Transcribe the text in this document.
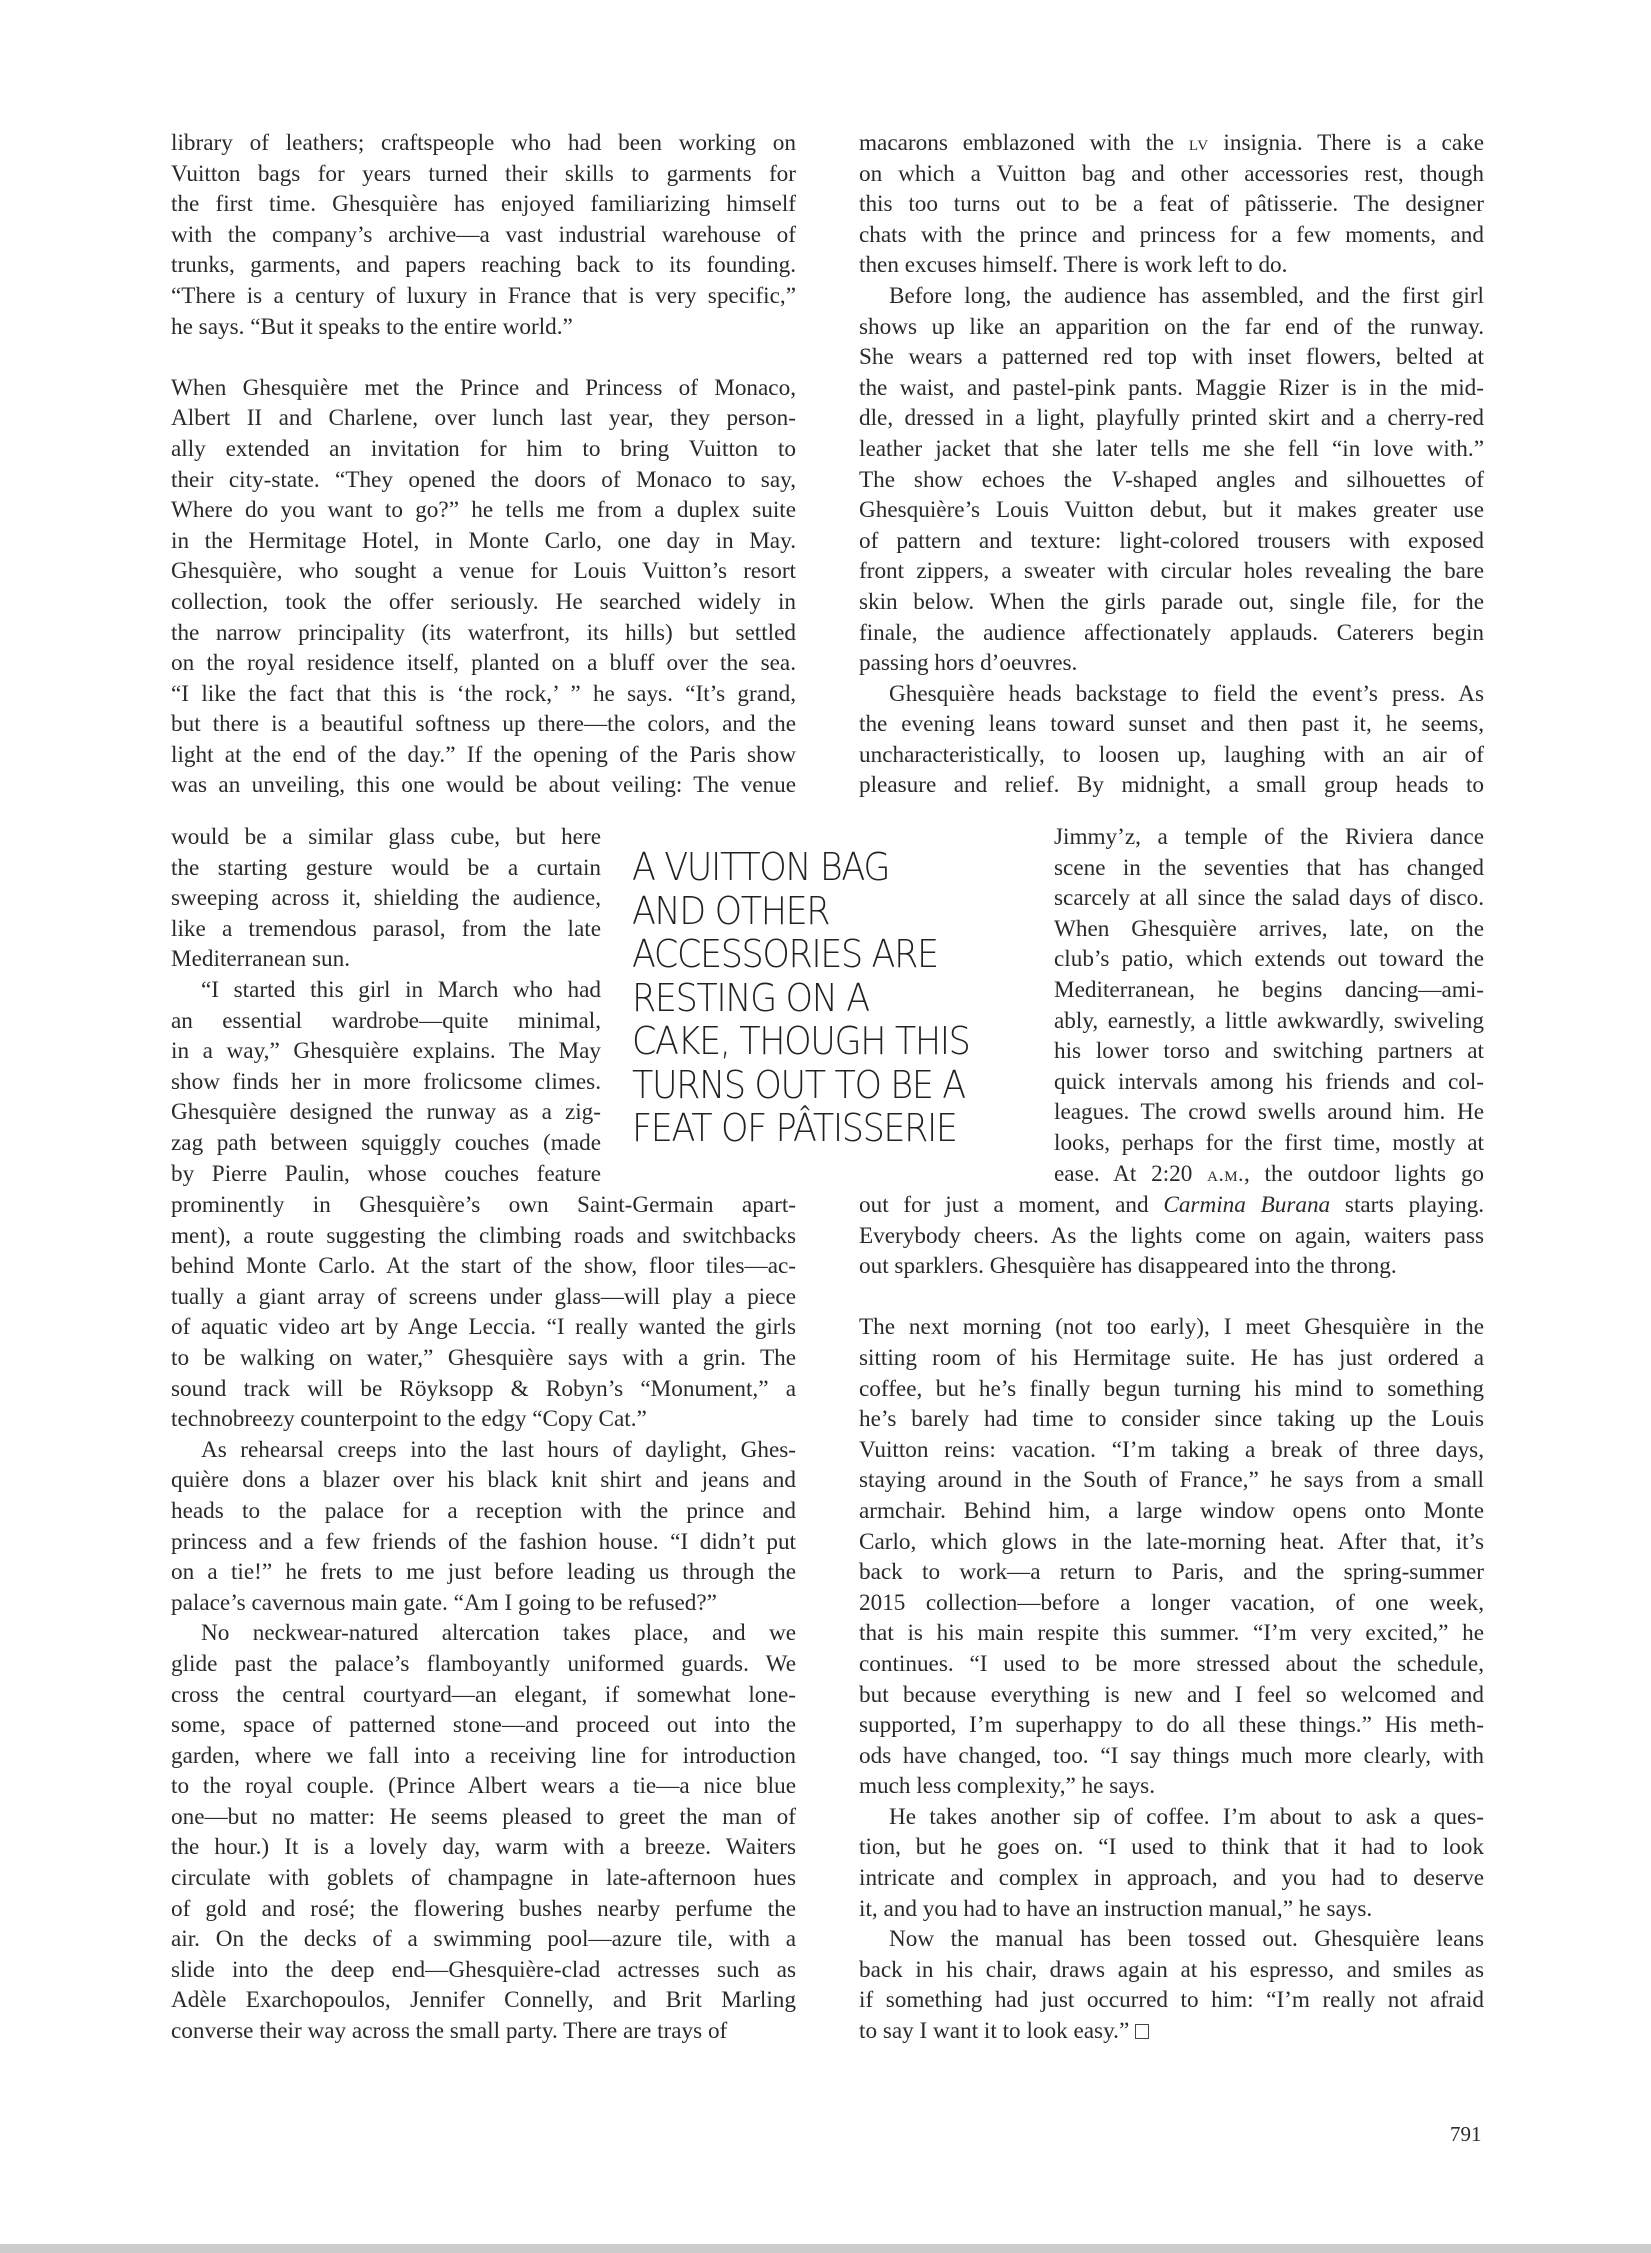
library of leathers; craftspeople who had been working on
Vuitton bags for years turned their skills to garments for
the first time. Ghesquière has enjoyed familiarizing himself
with the company’s archive—a vast industrial warehouse of
trunks, garments, and papers reaching back to its founding.
“There is a century of luxury in France that is very specific,”
he says. “But it speaks to the entire world.”

When Ghesquière met the Prince and Princess of Monaco,
Albert II and Charlene, over lunch last year, they person-
ally extended an invitation for him to bring Vuitton to
their city-state. “They opened the doors of Monaco to say,
Where do you want to go?” he tells me from a duplex suite
in the Hermitage Hotel, in Monte Carlo, one day in May.
Ghesquière, who sought a venue for Louis Vuitton’s resort
collection, took the offer seriously. He searched widely in
the narrow principality (its waterfront, its hills) but settled
on the royal residence itself, planted on a bluff over the sea.
“I like the fact that this is ‘the rock,’ ” he says. “It’s grand,
but there is a beautiful softness up there—the colors, and the
light at the end of the day.” If the opening of the Paris show
was an unveiling, this one would be about veiling: The venue
would be a similar glass cube, but here
the starting gesture would be a curtain
sweeping across it, shielding the audience,
like a tremendous parasol, from the late
Mediterranean sun.
“I started this girl in March who had
an essential wardrobe—quite minimal,
in a way,” Ghesquière explains. The May
show finds her in more frolicsome climes.
Ghesquière designed the runway as a zig-
zag path between squiggly couches (made
by Pierre Paulin, whose couches feature
prominently in Ghesquière’s own Saint-Germain apart-
ment), a route suggesting the climbing roads and switchbacks
behind Monte Carlo. At the start of the show, floor tiles—ac-
tually a giant array of screens under glass—will play a piece
of aquatic video art by Ange Leccia. “I really wanted the girls
to be walking on water,” Ghesquière says with a grin. The
sound track will be Röyksopp & Robyn’s “Monument,” a
technobreezy counterpoint to the edgy “Copy Cat.”
As rehearsal creeps into the last hours of daylight, Ghes-
quière dons a blazer over his black knit shirt and jeans and
heads to the palace for a reception with the prince and
princess and a few friends of the fashion house. “I didn’t put
on a tie!” he frets to me just before leading us through the
palace’s cavernous main gate. “Am I going to be refused?”
No neckwear-natured altercation takes place, and we
glide past the palace’s flamboyantly uniformed guards. We
cross the central courtyard—an elegant, if somewhat lone-
some, space of patterned stone—and proceed out into the
garden, where we fall into a receiving line for introduction
to the royal couple. (Prince Albert wears a tie—a nice blue
one—but no matter: He seems pleased to greet the man of
the hour.) It is a lovely day, warm with a breeze. Waiters
circulate with goblets of champagne in late-afternoon hues
of gold and rosé; the flowering bushes nearby perfume the
air. On the decks of a swimming pool—azure tile, with a
slide into the deep end—Ghesquière-clad actresses such as
Adèle Exarchopoulos, Jennifer Connelly, and Brit Marling
converse their way across the small party. There are trays of
macarons emblazoned with the lv insignia. There is a cake
on which a Vuitton bag and other accessories rest, though
this too turns out to be a feat of pâtisserie. The designer
chats with the prince and princess for a few moments, and
then excuses himself. There is work left to do.
Before long, the audience has assembled, and the first girl
shows up like an apparition on the far end of the runway.
She wears a patterned red top with inset flowers, belted at
the waist, and pastel-pink pants. Maggie Rizer is in the mid-
dle, dressed in a light, playfully printed skirt and a cherry-red
leather jacket that she later tells me she fell “in love with.”
The show echoes the V-shaped angles and silhouettes of
Ghesquière’s Louis Vuitton debut, but it makes greater use
of pattern and texture: light-colored trousers with exposed
front zippers, a sweater with circular holes revealing the bare
skin below. When the girls parade out, single file, for the
finale, the audience affectionately applauds. Caterers begin
passing hors d’oeuvres.
Ghesquière heads backstage to field the event’s press. As
the evening leans toward sunset and then past it, he seems,
uncharacteristically, to loosen up, laughing with an air of
pleasure and relief. By midnight, a small group heads to
Jimmy’z, a temple of the Riviera dance
scene in the seventies that has changed
scarcely at all since the salad days of disco.
When Ghesquière arrives, late, on the
club’s patio, which extends out toward the
Mediterranean, he begins dancing—ami-
ably, earnestly, a little awkwardly, swiveling
his lower torso and switching partners at
quick intervals among his friends and col-
leagues. The crowd swells around him. He
looks, perhaps for the first time, mostly at
ease. At 2:20 a.m., the outdoor lights go
out for just a moment, and Carmina Burana starts playing.
Everybody cheers. As the lights come on again, waiters pass
out sparklers. Ghesquière has disappeared into the throng.

The next morning (not too early), I meet Ghesquière in the
sitting room of his Hermitage suite. He has just ordered a
coffee, but he’s finally begun turning his mind to something
he’s barely had time to consider since taking up the Louis
Vuitton reins: vacation. “I’m taking a break of three days,
staying around in the South of France,” he says from a small
armchair. Behind him, a large window opens onto Monte
Carlo, which glows in the late-morning heat. After that, it’s
back to work—a return to Paris, and the spring-summer
2015 collection—before a longer vacation, of one week,
that is his main respite this summer. “I’m very excited,” he
continues. “I used to be more stressed about the schedule,
but because everything is new and I feel so welcomed and
supported, I’m superhappy to do all these things.” His meth-
ods have changed, too. “I say things much more clearly, with
much less complexity,” he says.
He takes another sip of coffee. I’m about to ask a ques-
tion, but he goes on. “I used to think that it had to look
intricate and complex in approach, and you had to deserve
it, and you had to have an instruction manual,” he says.
Now the manual has been tossed out. Ghesquière leans
back in his chair, draws again at his espresso, and smiles as
if something had just occurred to him: “I’m really not afraid
to say I want it to look easy.”
A VUITTON BAG
AND OTHER
ACCESSORIES ARE
RESTING ON A
CAKE, THOUGH THIS
TURNS OUT TO BE A
FEAT OF PÂTISSERIE
791
